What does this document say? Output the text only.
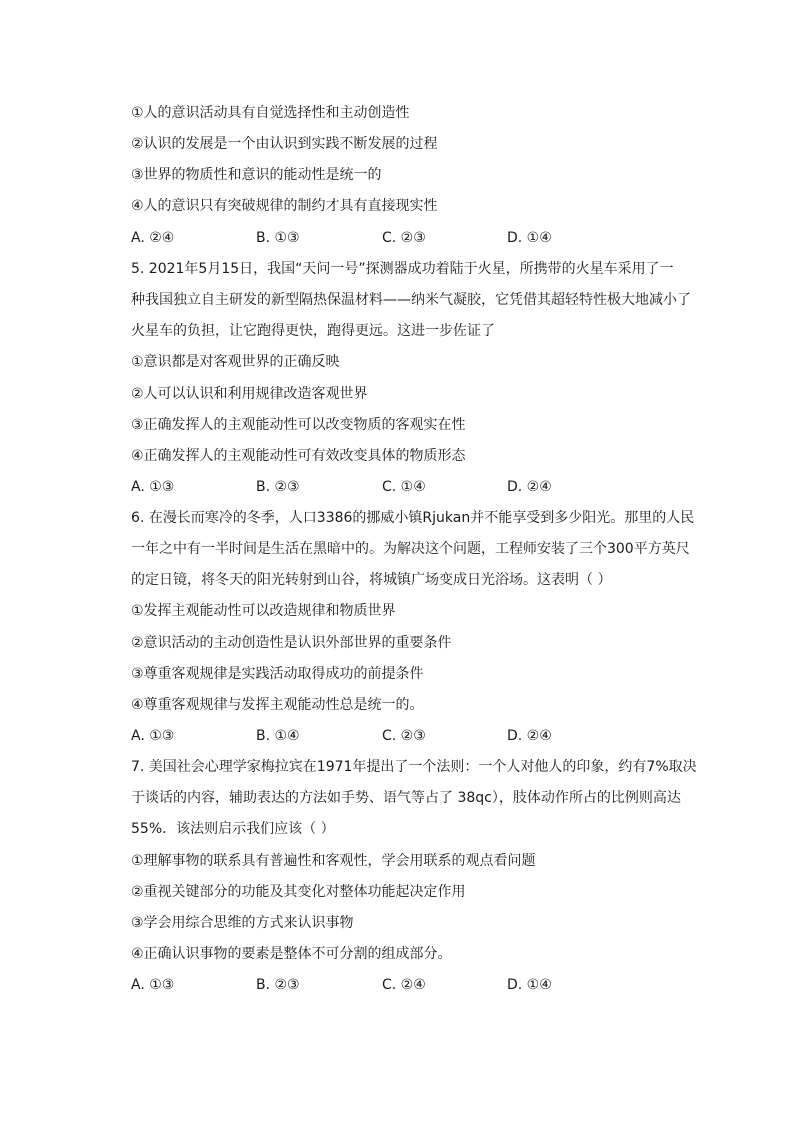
①人的意识活动具有自觉选择性和主动创造性
②认识的发展是一个由认识到实践不断发展的过程
③世界的物质性和意识的能动性是统一的
④人的意识只有突破规律的制约才具有直接现实性
A. ②④	B. ①③	C. ②③	D. ①④
5. 2021年5月15日，我国“天问一号”探测器成功着陆于火星，所携带的火星车采用了一
种我国独立自主研发的新型隔热保温材料——纳米气凝胶，它凭借其超轻特性极大地减小了
火星车的负担，让它跑得更快，跑得更远。这进一步佐证了
①意识都是对客观世界的正确反映
②人可以认识和利用规律改造客观世界
③正确发挥人的主观能动性可以改变物质的客观实在性
④正确发挥人的主观能动性可有效改变具体的物质形态
A. ①③	B. ②③	C. ①④	D. ②④
6. 在漫长而寒冷的冬季，人口3386的挪威小镇Rjukan并不能享受到多少阳光。那里的人民
一年之中有一半时间是生活在黑暗中的。为解决这个问题，工程师安装了三个300平方英尺
的定日镜，将冬天的阳光转射到山谷，将城镇广场变成日光浴场。这表明（ ）
①发挥主观能动性可以改造规律和物质世界
②意识活动的主动创造性是认识外部世界的重要条件
③尊重客观规律是实践活动取得成功的前提条件
④尊重客观规律与发挥主观能动性总是统一的。
A. ①③	B. ①④	C. ②③	D. ②④
7. 美国社会心理学家梅拉宾在1971年提出了一个法则：一个人对他人的印象，约有7%取决
于谈话的内容，辅助表达的方法如手势、语气等占了 38qc），肢体动作所占的比例则高达
55%．该法则启示我们应该（ ）
①理解事物的联系具有普遍性和客观性，学会用联系的观点看问题
②重视关键部分的功能及其变化对整体功能起决定作用
③学会用综合思维的方式来认识事物
④正确认识事物的要素是整体不可分割的组成部分。
A. ①③	B. ②③	C. ②④	D. ①④
